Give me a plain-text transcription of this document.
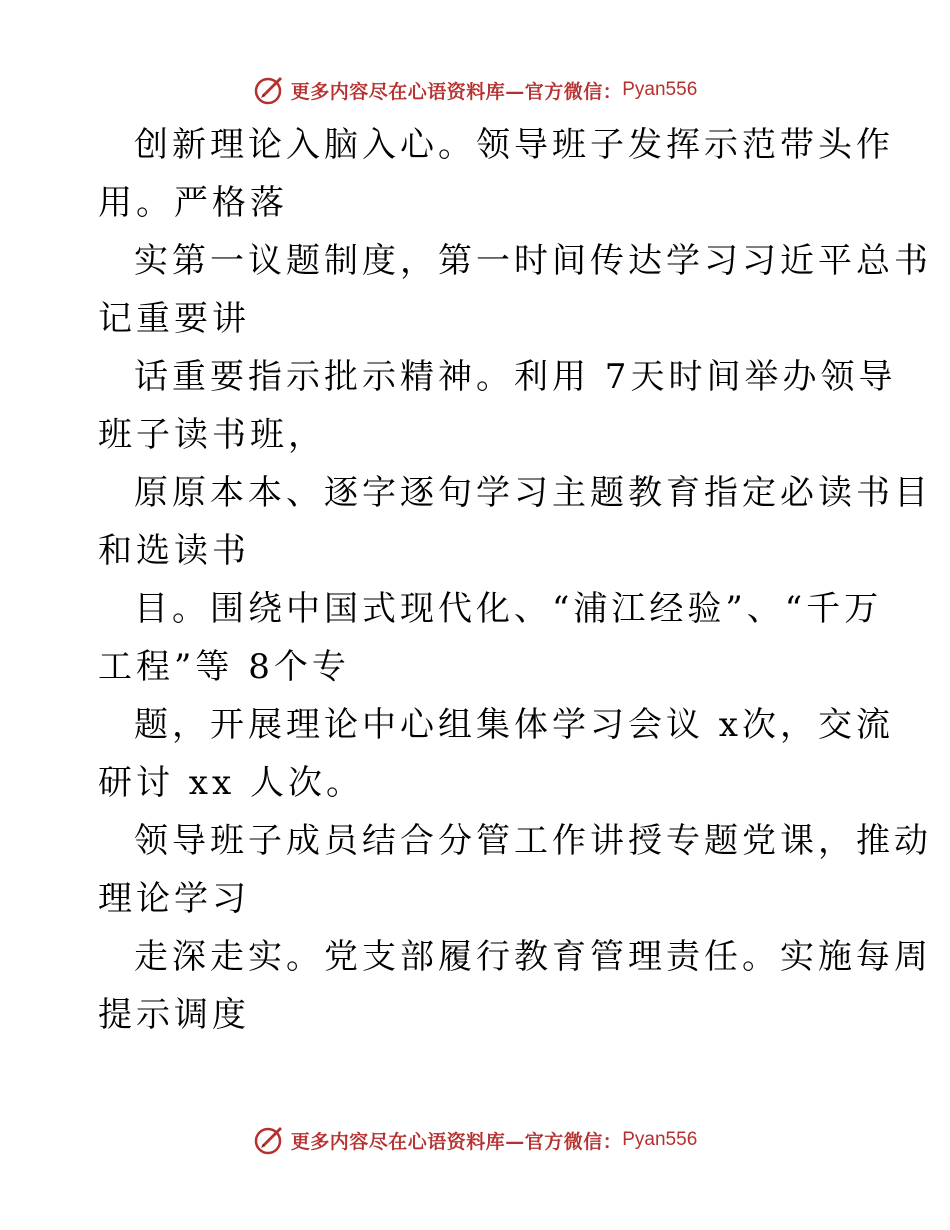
更多内容尽在心语资料库—官方微信： Pyan556
创新理论入脑入心。领导班子发挥示范带头作
用。严格落
实第一议题制度，第一时间传达学习习近平总书
记重要讲
话重要指示批示精神。利用 7天时间举办领导
班子读书班，
原原本本、逐字逐句学习主题教育指定必读书目
和选读书
目。围绕中国式现代化、“浦江经验”、“千万
工程”等 8个专
题，开展理论中心组集体学习会议 x次，交流
研讨 xx 人次。
领导班子成员结合分管工作讲授专题党课，推动
理论学习
走深走实。党支部履行教育管理责任。实施每周
提示调度
更多内容尽在心语资料库—官方微信： Pyan556
